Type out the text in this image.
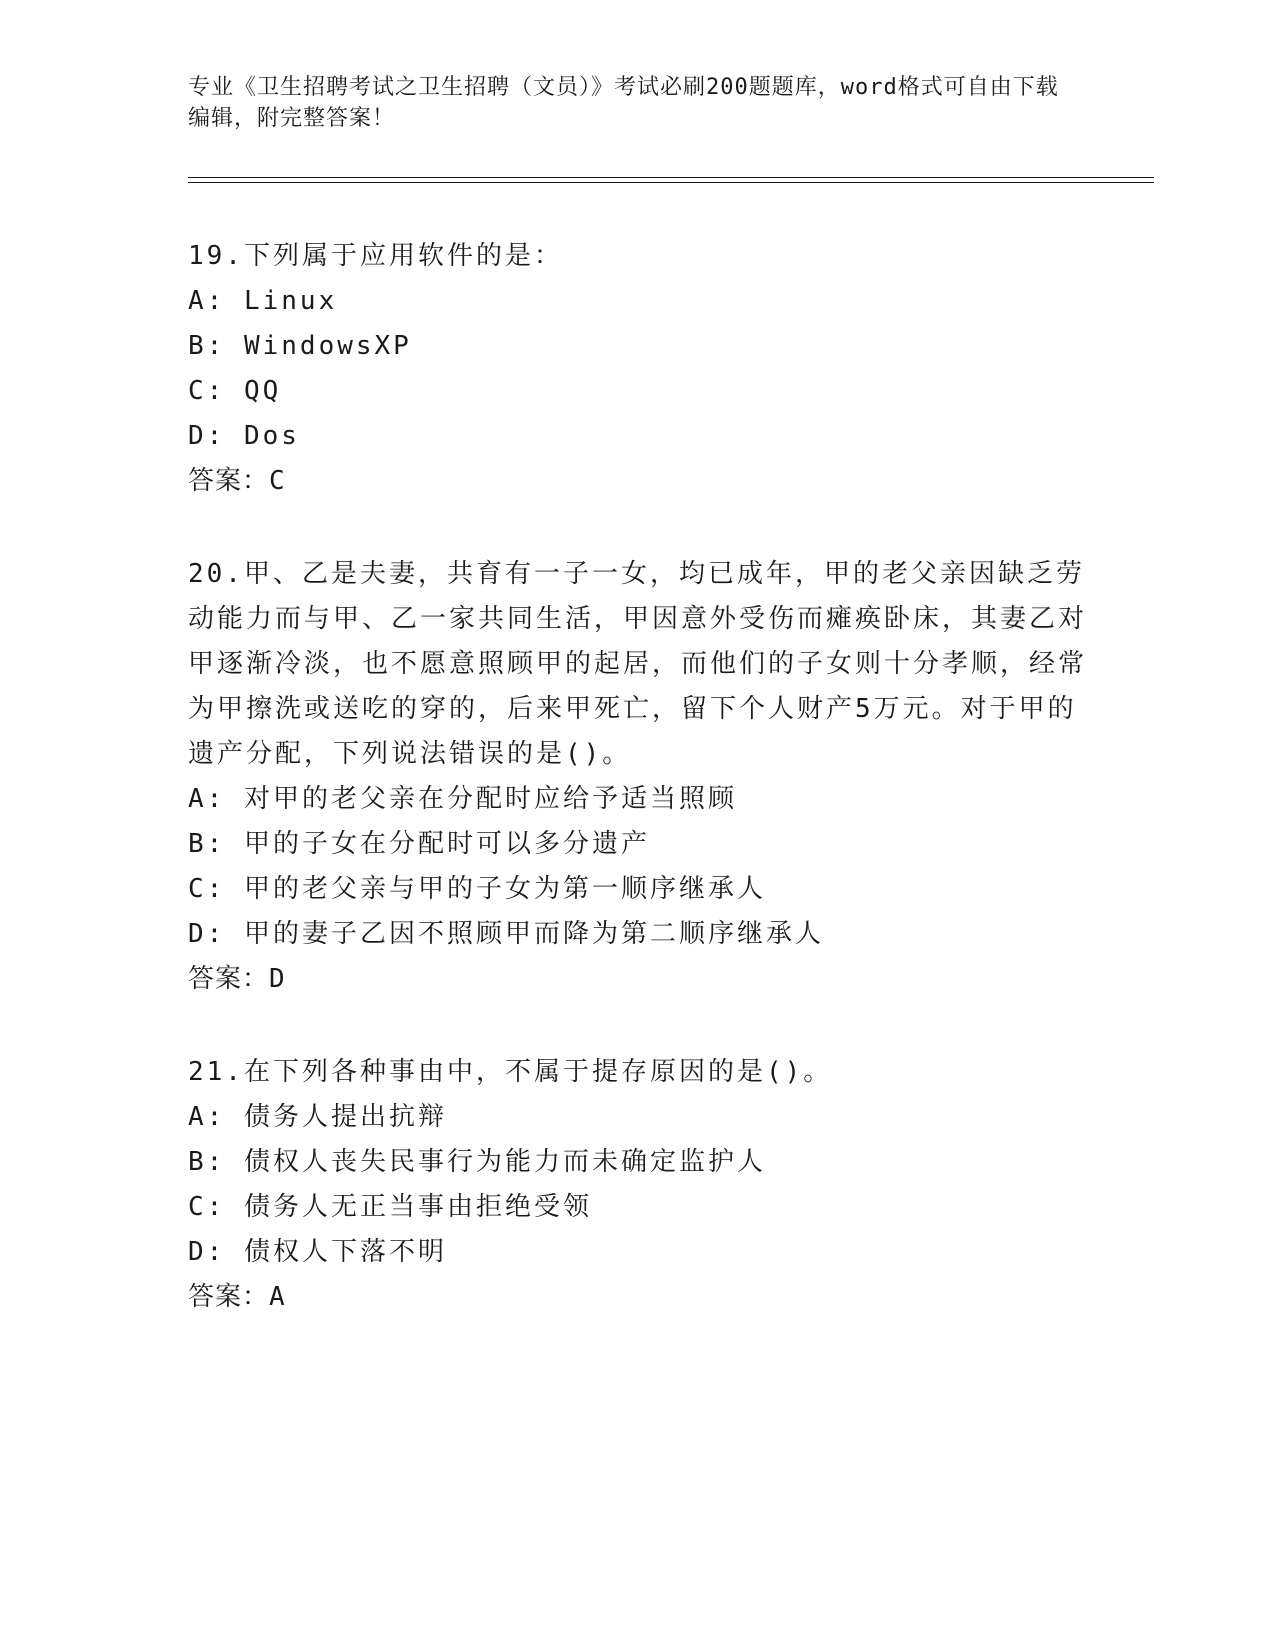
专业《卫生招聘考试之卫生招聘（文员）》考试必刷200题题库，word格式可自由下载编辑，附完整答案！
19.下列属于应用软件的是：
A: Linux
B: WindowsXP
C: QQ
D: Dos
答案：C
20.甲、乙是夫妻，共育有一子一女，均已成年，甲的老父亲因缺乏劳动能力而与甲、乙一家共同生活，甲因意外受伤而瘫痪卧床，其妻乙对甲逐渐冷淡，也不愿意照顾甲的起居，而他们的子女则十分孝顺，经常为甲擦洗或送吃的穿的，后来甲死亡，留下个人财产5万元。对于甲的遗产分配，下列说法错误的是()。
A: 对甲的老父亲在分配时应给予适当照顾
B: 甲的子女在分配时可以多分遗产
C: 甲的老父亲与甲的子女为第一顺序继承人
D: 甲的妻子乙因不照顾甲而降为第二顺序继承人
答案：D
21.在下列各种事由中，不属于提存原因的是()。
A: 债务人提出抗辩
B: 债权人丧失民事行为能力而未确定监护人
C: 债务人无正当事由拒绝受领
D: 债权人下落不明
答案：A
